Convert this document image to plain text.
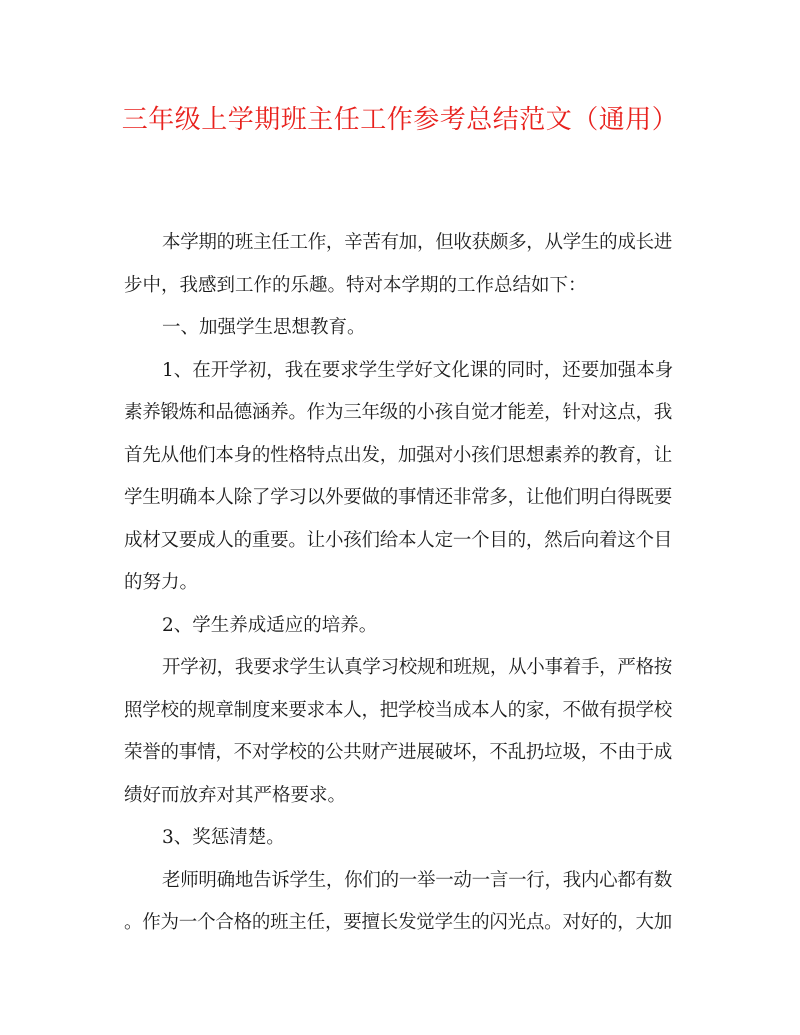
三年级上学期班主任工作参考总结范文（通用）
本学期的班主任工作，辛苦有加，但收获颇多，从学生的成长进
步中，我感到工作的乐趣。特对本学期的工作总结如下：
一、加强学生思想教育。
1、在开学初，我在要求学生学好文化课的同时，还要加强本身
素养锻炼和品德涵养。作为三年级的小孩自觉才能差，针对这点，我
首先从他们本身的性格特点出发，加强对小孩们思想素养的教育，让
学生明确本人除了学习以外要做的事情还非常多，让他们明白得既要
成材又要成人的重要。让小孩们给本人定一个目的，然后向着这个目
的努力。
2、学生养成适应的培养。
开学初，我要求学生认真学习校规和班规，从小事着手，严格按
照学校的规章制度来要求本人，把学校当成本人的家，不做有损学校
荣誉的事情，不对学校的公共财产进展破坏，不乱扔垃圾，不由于成
绩好而放弃对其严格要求。
3、奖惩清楚。
老师明确地告诉学生，你们的一举一动一言一行，我内心都有数
。作为一个合格的班主任，要擅长发觉学生的闪光点。对好的，大加
